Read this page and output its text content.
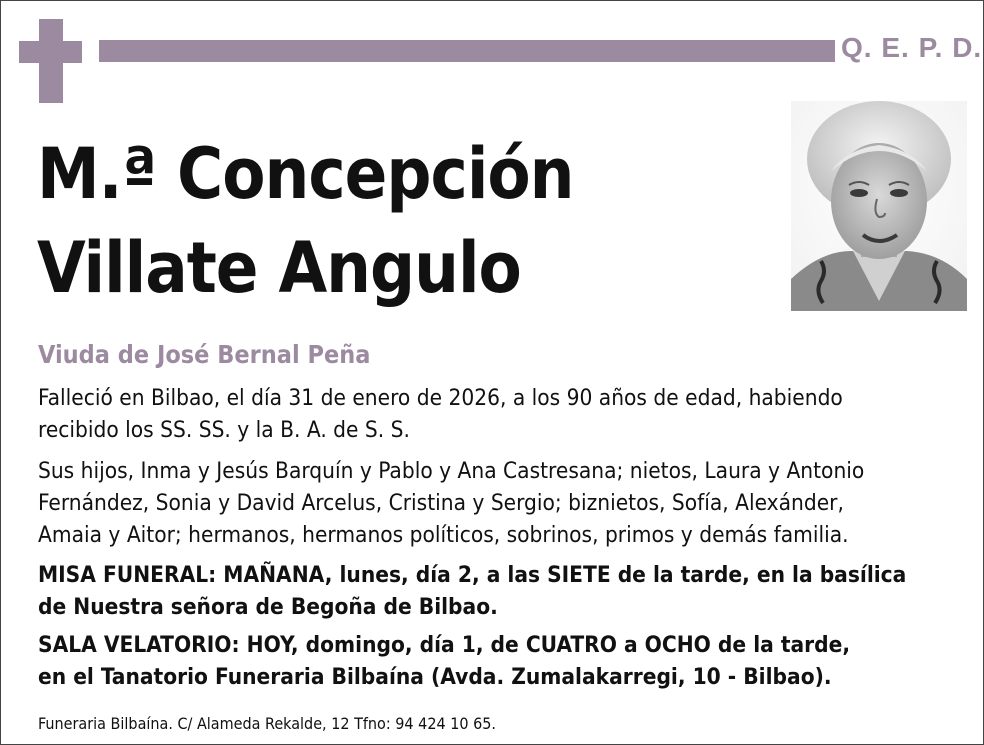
Q. E. P. D.
M.ª Concepción
Villate Angulo
Viuda de José Bernal Peña
Falleció en Bilbao, el día 31 de enero de 2026, a los 90 años de edad, habiendo
recibido los SS. SS. y la B. A. de S. S.
Sus hijos, Inma y Jesús Barquín y Pablo y Ana Castresana; nietos, Laura y Antonio
Fernández, Sonia y David Arcelus, Cristina y Sergio; biznietos, Sofía, Alexánder,
Amaia y Aitor; hermanos, hermanos políticos, sobrinos, primos y demás familia.
MISA FUNERAL: MAÑANA, lunes, día 2, a las SIETE de la tarde, en la basílica
de Nuestra señora de Begoña de Bilbao.
SALA VELATORIO: HOY, domingo, día 1, de CUATRO a OCHO de la tarde,
en el Tanatorio Funeraria Bilbaína (Avda. Zumalakarregi, 10 - Bilbao).
Funeraria Bilbaína. C/ Alameda Rekalde, 12 Tfno: 94 424 10 65.
